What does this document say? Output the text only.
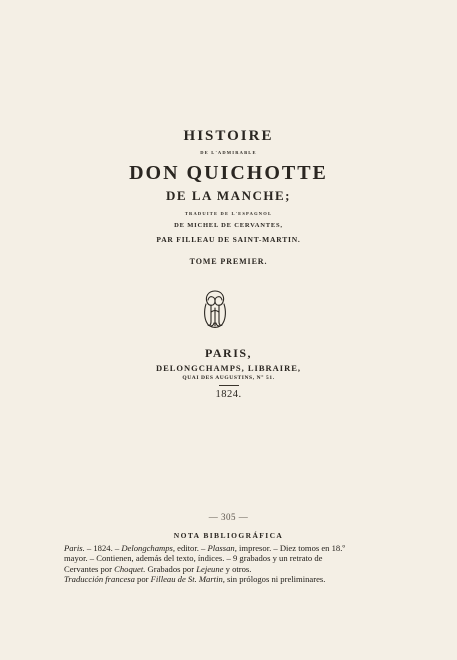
HISTOIRE
DE L'ADMIRABLE
DON QUICHOTTE
DE LA MANCHE;
TRADUITE DE L'ESPAGNOL
DE MICHEL DE CERVANTES,
PAR FILLEAU DE SAINT-MARTIN.
TOME PREMIER.
PARIS,
DELONGCHAMPS, LIBRAIRE,
QUAI DES AUGUSTINS, N° 51.
1824.
— 305 —
NOTA BIBLIOGRÁFICA
Paris. – 1824. – Delongchamps, editor. – Plassan, impresor. – Diez tomos en 18.º
mayor. – Contienen, además del texto, índices. – 9 grabados y un retrato de
Cervantes por Choquet. Grabados por Lejeune y otros.
Traducción francesa por Filleau de St. Martin, sin prólogos ni preliminares.
